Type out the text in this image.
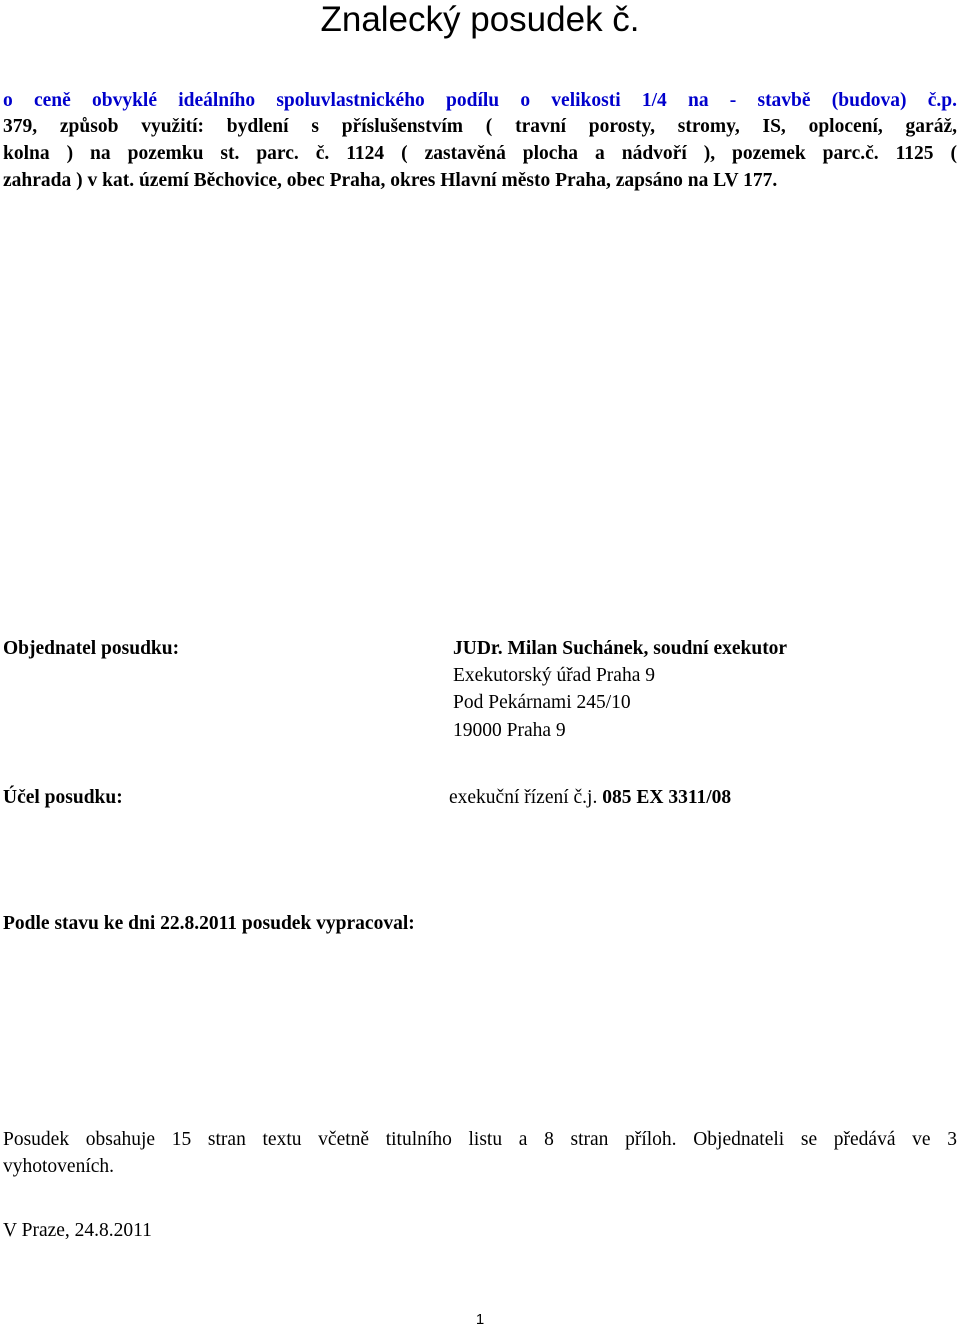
Znalecký posudek č.
o ceně obvyklé ideálního spoluvlastnického podílu o velikosti 1/4 na - stavbě (budova) č.p.
379, způsob využití: bydlení s příslušenstvím ( travní porosty, stromy, IS, oplocení, garáž,
kolna ) na pozemku st. parc. č. 1124 ( zastavěná plocha a nádvoří ), pozemek parc.č. 1125 (
zahrada ) v kat. území Běchovice, obec Praha, okres Hlavní město Praha, zapsáno na LV 177.
Objednatel posudku:	JUDr. Milan Suchánek, soudní exekutor
Exekutorský úřad Praha 9
Pod Pekárnami 245/10
19000 Praha 9
Účel posudku:	exekuční řízení č.j. 085 EX 3311/08
Podle stavu ke dni 22.8.2011 posudek vypracoval:
Posudek obsahuje 15 stran textu včetně titulního listu a 8 stran příloh. Objednateli se předává ve 3
vyhotoveních.
V Praze, 24.8.2011
1
